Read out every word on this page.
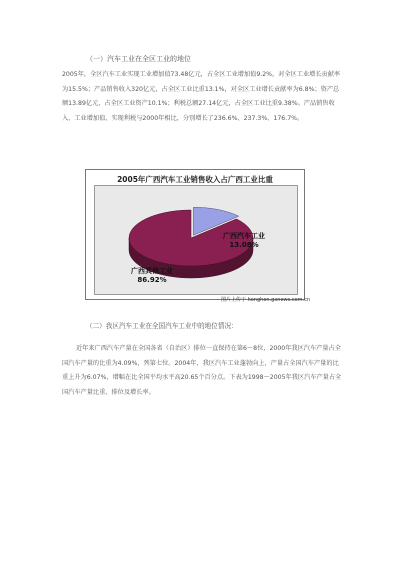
（一）汽车工业在全区工业的地位
2005年，全区汽车工业实现工业增加值73.48亿元，占全区工业增加值9.2%，对全区工业增长贡献率为15.5%；产品销售收入320亿元，占全区工业比重13.1%，对全区工业增长贡献率为6.8%；资产总额13.89亿元，占全区工业资产10.1%；利税总额27.14亿元，占全区工业比重9.38%。产品销售收入、工业增加值、实现利税与2000年相比，分别增长了236.6%、237.3%、176.7%。
2005年广西汽车工业销售收入占广西工业比重
广西汽车工业
13.08%
广西其他工业
86.92%
图片上传于 honghen.gxnews.com.cn
（二）我区汽车工业在全国汽车工业中的地位情况：
近年来广西汽车产量在全国各省（自治区）排位一直保持在第6～8位，2000年我区汽车产量占全国汽车产量的比重为4.09%，列第七位。2004年，我区汽车工业蓬勃向上，产量占全国汽车产量的比重上升为6.07%，增幅在比全国平均水平高20.65个百分点。下表为1998～2005年我区汽车产量占全国汽车产量比重、排位及增长率。
